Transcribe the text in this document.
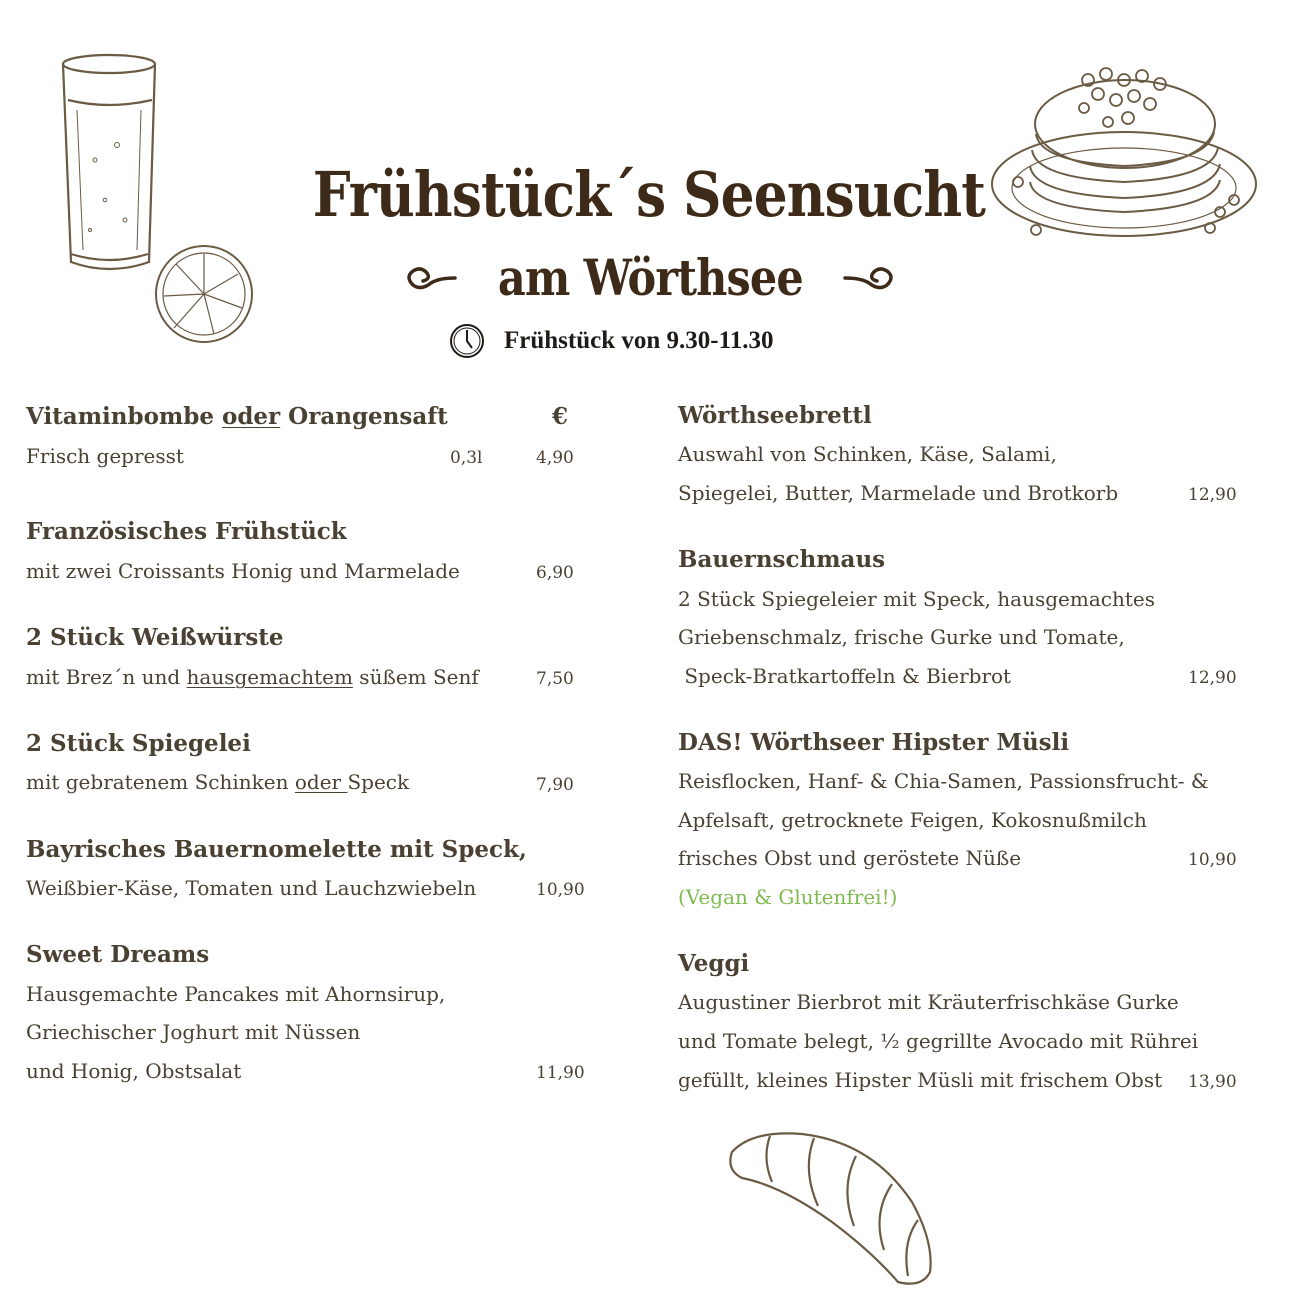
Frühstück´s Seensucht
am Wörthsee
Frühstück von 9.30-11.30
Vitaminbombe oder Orangensaft	€
Frisch gepresst	0,3l	4,90
Französisches Frühstück
mit zwei Croissants Honig und Marmelade	6,90
2 Stück Weißwürste
mit Brez´n und hausgemachtem süßem Senf	7,50
2 Stück Spiegelei
mit gebratenem Schinken oder Speck	7,90
Bayrisches Bauernomelette mit Speck,
Weißbier-Käse, Tomaten und Lauchzwiebeln	10,90
Sweet Dreams
Hausgemachte Pancakes mit Ahornsirup,
Griechischer Joghurt mit Nüssen
und Honig, Obstsalat	11,90
Wörthseebrettl
Auswahl von Schinken, Käse, Salami,
Spiegelei, Butter, Marmelade und Brotkorb	12,90
Bauernschmaus
2 Stück Spiegeleier mit Speck, hausgemachtes
Griebenschmalz, frische Gurke und Tomate,
Speck-Bratkartoffeln & Bierbrot	12,90
DAS! Wörthseer Hipster Müsli
Reisflocken, Hanf- & Chia-Samen, Passionsfrucht- &
Apfelsaft, getrocknete Feigen, Kokosnußmilch
frisches Obst und geröstete Nüße	10,90
(Vegan & Glutenfrei!)
Veggi
Augustiner Bierbrot mit Kräuterfrischkäse Gurke
und Tomate belegt, ½ gegrillte Avocado mit Rührei
gefüllt, kleines Hipster Müsli mit frischem Obst 13,90
